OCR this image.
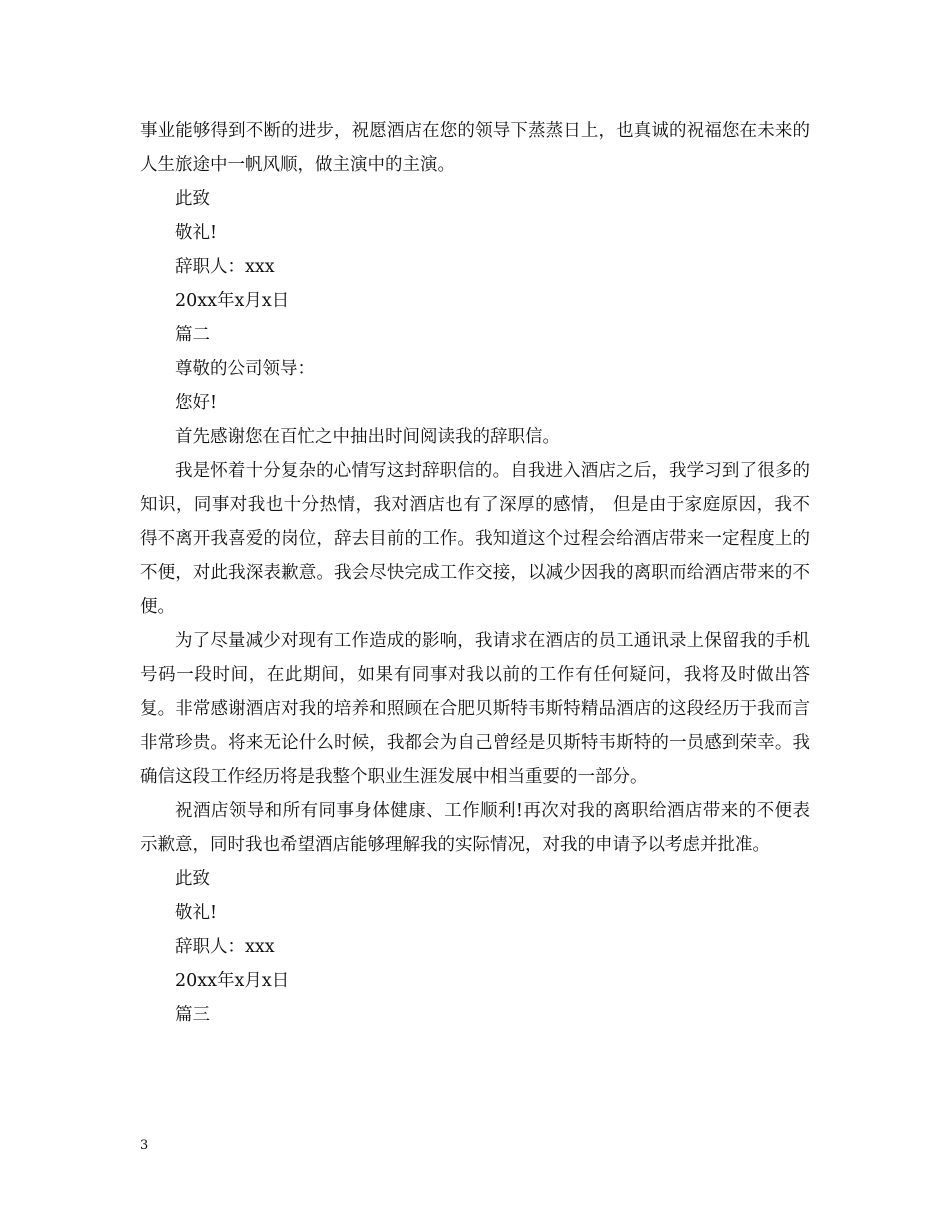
事业能够得到不断的进步，祝愿酒店在您的领导下蒸蒸日上，也真诚的祝福您在未来的人生旅途中一帆风顺，做主演中的主演。

此致

敬礼!

辞职人：xxx

20xx年x月x日

篇二

尊敬的公司领导：

您好!

首先感谢您在百忙之中抽出时间阅读我的辞职信。

我是怀着十分复杂的心情写这封辞职信的。自我进入酒店之后，我学习到了很多的知识，同事对我也十分热情，我对酒店也有了深厚的感情， 但是由于家庭原因，我不得不离开我喜爱的岗位，辞去目前的工作。我知道这个过程会给酒店带来一定程度上的不便，对此我深表歉意。我会尽快完成工作交接，以减少因我的离职而给酒店带来的不便。

为了尽量减少对现有工作造成的影响，我请求在酒店的员工通讯录上保留我的手机号码一段时间，在此期间，如果有同事对我以前的工作有任何疑问，我将及时做出答复。非常感谢酒店对我的培养和照顾在合肥贝斯特韦斯特精品酒店的这段经历于我而言非常珍贵。将来无论什么时候，我都会为自己曾经是贝斯特韦斯特的一员感到荣幸。我确信这段工作经历将是我整个职业生涯发展中相当重要的一部分。

祝酒店领导和所有同事身体健康、工作顺利!再次对我的离职给酒店带来的不便表示歉意，同时我也希望酒店能够理解我的实际情况，对我的申请予以考虑并批准。

此致

敬礼!

辞职人：xxx

20xx年x月x日

篇三

3
